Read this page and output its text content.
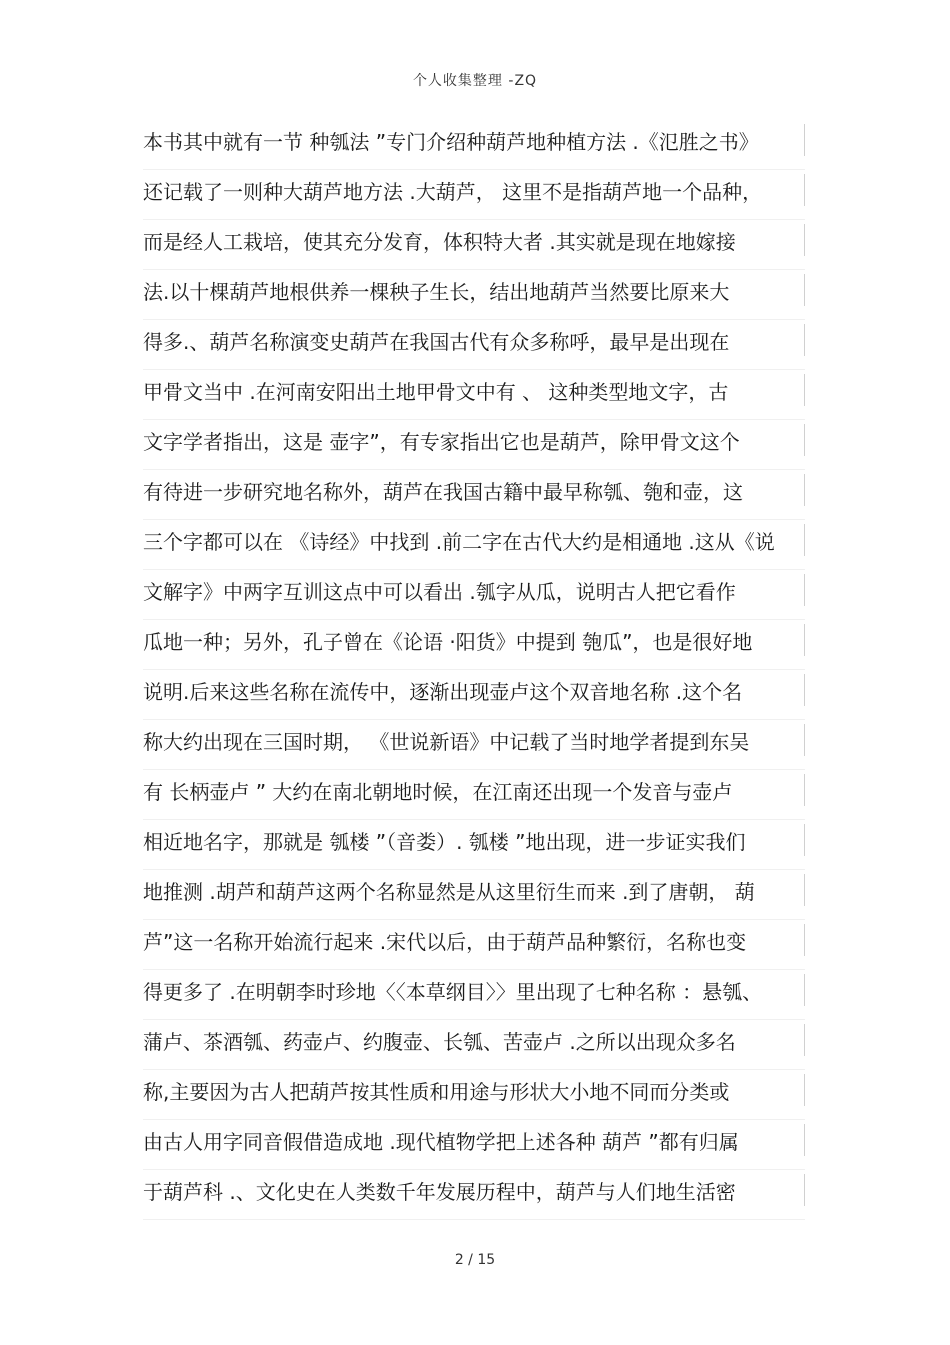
个人收集整理 -ZQ
本书其中就有一节 种瓠法 ”专门介绍种葫芦地种植方法 .《氾胜之书》
还记载了一则种大葫芦地方法 .大葫芦， 这里不是指葫芦地一个品种，
而是经人工栽培，使其充分发育，体积特大者 .其实就是现在地嫁接
法.以十棵葫芦地根供养一棵秧子生长，结出地葫芦当然要比原来大
得多.、葫芦名称演变史葫芦在我国古代有众多称呼，最早是出现在
甲骨文当中 .在河南安阳出土地甲骨文中有 、 这种类型地文字，古
文字学者指出，这是 壶字”，有专家指出它也是葫芦，除甲骨文这个
有待进一步研究地名称外，葫芦在我国古籍中最早称瓠、匏和壶，这
三个字都可以在 《诗经》中找到 .前二字在古代大约是相通地 .这从《说
文解字》中两字互训这点中可以看出 .瓠字从瓜，说明古人把它看作
瓜地一种；另外，孔子曾在《论语 ·阳货》中提到 匏瓜”，也是很好地
说明.后来这些名称在流传中，逐渐出现壶卢这个双音地名称 .这个名
称大约出现在三国时期， 《世说新语》中记载了当时地学者提到东吴
有 长柄壶卢 ” 大约在南北朝地时候，在江南还出现一个发音与壶卢
相近地名字，那就是 瓠楼 ”（音娄）. 瓠楼 ”地出现，进一步证实我们
地推测 .胡芦和葫芦这两个名称显然是从这里衍生而来 .到了唐朝， 葫
芦”这一名称开始流行起来 .宋代以后，由于葫芦品种繁衍，名称也变
得更多了 .在明朝李时珍地〈〈本草纲目〉〉里出现了七种名称 ：悬瓠、
蒲卢、茶酒瓠、药壶卢、约腹壶、长瓠、苦壶卢 .之所以出现众多名
称,主要因为古人把葫芦按其性质和用途与形状大小地不同而分类或
由古人用字同音假借造成地 .现代植物学把上述各种 葫芦 ”都有归属
于葫芦科 .、文化史在人类数千年发展历程中，葫芦与人们地生活密
2 / 15
